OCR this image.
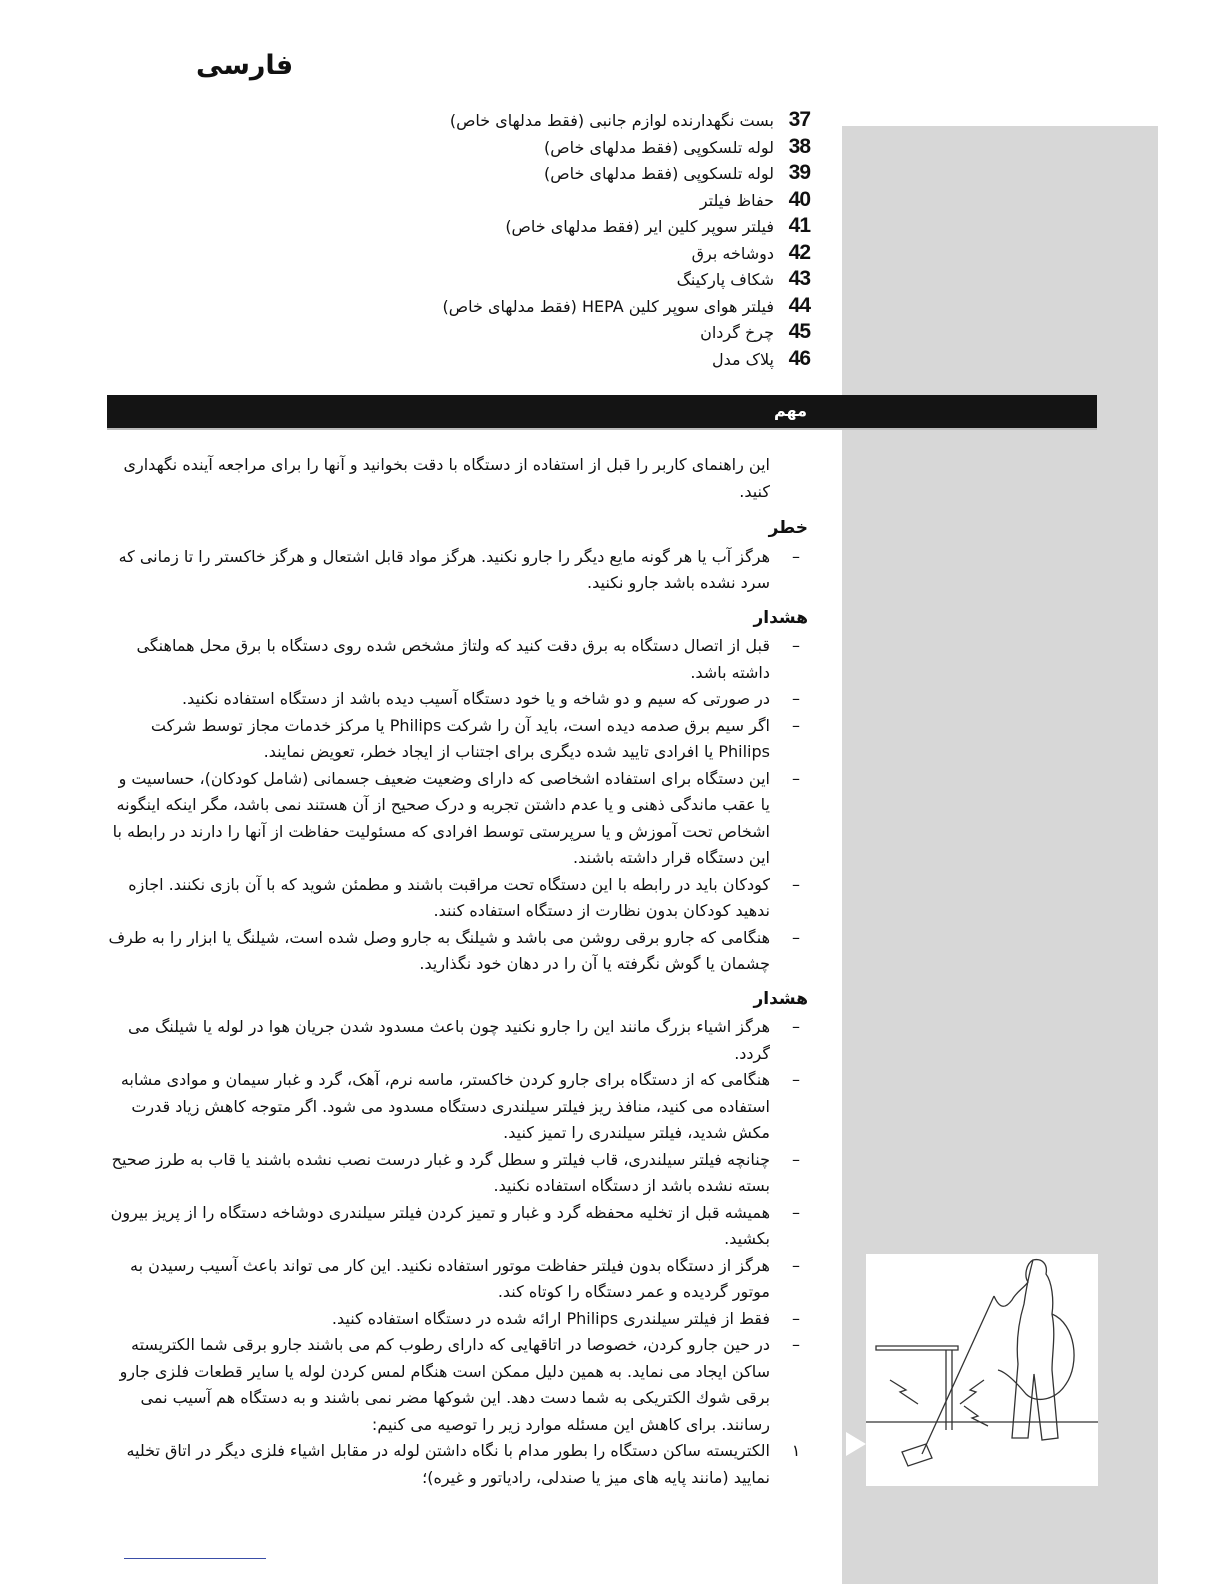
فارسی
37
بست نگهدارنده لوازم جانبی (فقط مدلهای خاص)
38
لوله تلسکوپی (فقط مدلهای خاص)
39
لوله تلسکوپی (فقط مدلهای خاص)
40
حفاظ فیلتر
41
فیلتر سوپر کلین ایر (فقط مدلهای خاص)
42
دوشاخه برق
43
شکاف پارکینگ
44
فیلتر هوای سوپر کلین HEPA (فقط مدلهای خاص)
45
چرخ گردان
46
پلاک مدل
مهم

این راهنمای کاربر را قبل از استفاده از دستگاه با دقت بخوانید و آنها را برای مراجعه آینده نگهداری کنید.

خطر
–
هرگز آب یا هر گونه مایع دیگر را جارو نکنید. هرگز مواد قابل اشتعال و هرگز خاکستر را تا زمانی که سرد نشده باشد جارو نکنید.
هشدار
–
قبل از اتصال دستگاه به برق دقت کنید که ولتاژ مشخص شده روی دستگاه با برق محل هماهنگی داشته باشد.
–
در صورتی که سیم و دو شاخه و یا خود دستگاه آسیب دیده باشد از دستگاه استفاده نکنید.
–
اگر سیم برق صدمه دیده است، باید آن را شرکت Philips یا مرکز خدمات مجاز توسط شرکت Philips یا افرادی تایید شده دیگری برای اجتناب از ایجاد خطر، تعویض نمایند.
–
این دستگاه برای استفاده اشخاصی که دارای وضعیت ضعیف جسمانی (شامل کودکان)، حساسیت و یا عقب ماندگی ذهنی و یا عدم داشتن تجربه و درک صحیح از آن هستند نمی باشد، مگر اینکه اینگونه اشخاص تحت آموزش و یا سرپرستی توسط افرادی که مسئولیت حفاظت از آنها را دارند در رابطه با این دستگاه قرار داشته باشند.
–
کودکان باید در رابطه با این دستگاه تحت مراقبت باشند و مطمئن شوید که با آن بازی نکنند. اجازه ندهید کودکان بدون نظارت از دستگاه استفاده کنند.
–
هنگامی که جارو برقی روشن می باشد و شیلنگ به جارو وصل شده است، شیلنگ یا ابزار را به طرف چشمان یا گوش نگرفته یا آن را در دهان خود نگذارید.
هشدار
–
هرگز اشیاء بزرگ مانند این را جارو نکنید چون باعث مسدود شدن جریان هوا در لوله یا شیلنگ می گردد.
–
هنگامی که از دستگاه برای جارو کردن خاکستر، ماسه نرم، آهک، گرد و غبار سیمان و موادی مشابه استفاده می کنید، منافذ ریز فیلتر سیلندری دستگاه مسدود می شود. اگر متوجه کاهش زیاد قدرت مکش شدید، فیلتر سیلندری را تمیز کنید.
–
چنانچه فیلتر سیلندری، قاب فیلتر و سطل گرد و غبار درست نصب نشده باشند یا قاب به طرز صحیح بسته نشده باشد از دستگاه استفاده نکنید.
–
همیشه قبل از تخلیه محفظه گرد و غبار و تمیز کردن فیلتر سیلندری دوشاخه دستگاه را از پریز بیرون بکشید.
–
هرگز از دستگاه بدون فیلتر حفاظت موتور استفاده نکنید. این کار می تواند باعث آسیب رسیدن به موتور گردیده و عمر دستگاه را کوتاه کند.
–
فقط از فیلتر سیلندری Philips ارائه شده در دستگاه استفاده کنید.
–
در حین جارو کردن، خصوصا در اتاقهایی که دارای رطوب کم می باشند جارو برقی شما الکتریسته ساکن ایجاد می نماید. به همین دلیل ممکن است هنگام لمس کردن لوله یا سایر قطعات فلزی جارو برقی شوك الکتریکی به شما دست دهد. این شوکها مضر نمی باشند و به دستگاه هم آسیب نمی رسانند. برای کاهش این مسئله موارد زیر را توصیه می کنیم:
١
الکتریسته ساکن دستگاه را بطور مدام با نگاه داشتن لوله در مقابل اشیاء فلزی دیگر در اتاق تخلیه نمایید (مانند پایه های میز یا صندلی، رادیاتور و غیره)؛
